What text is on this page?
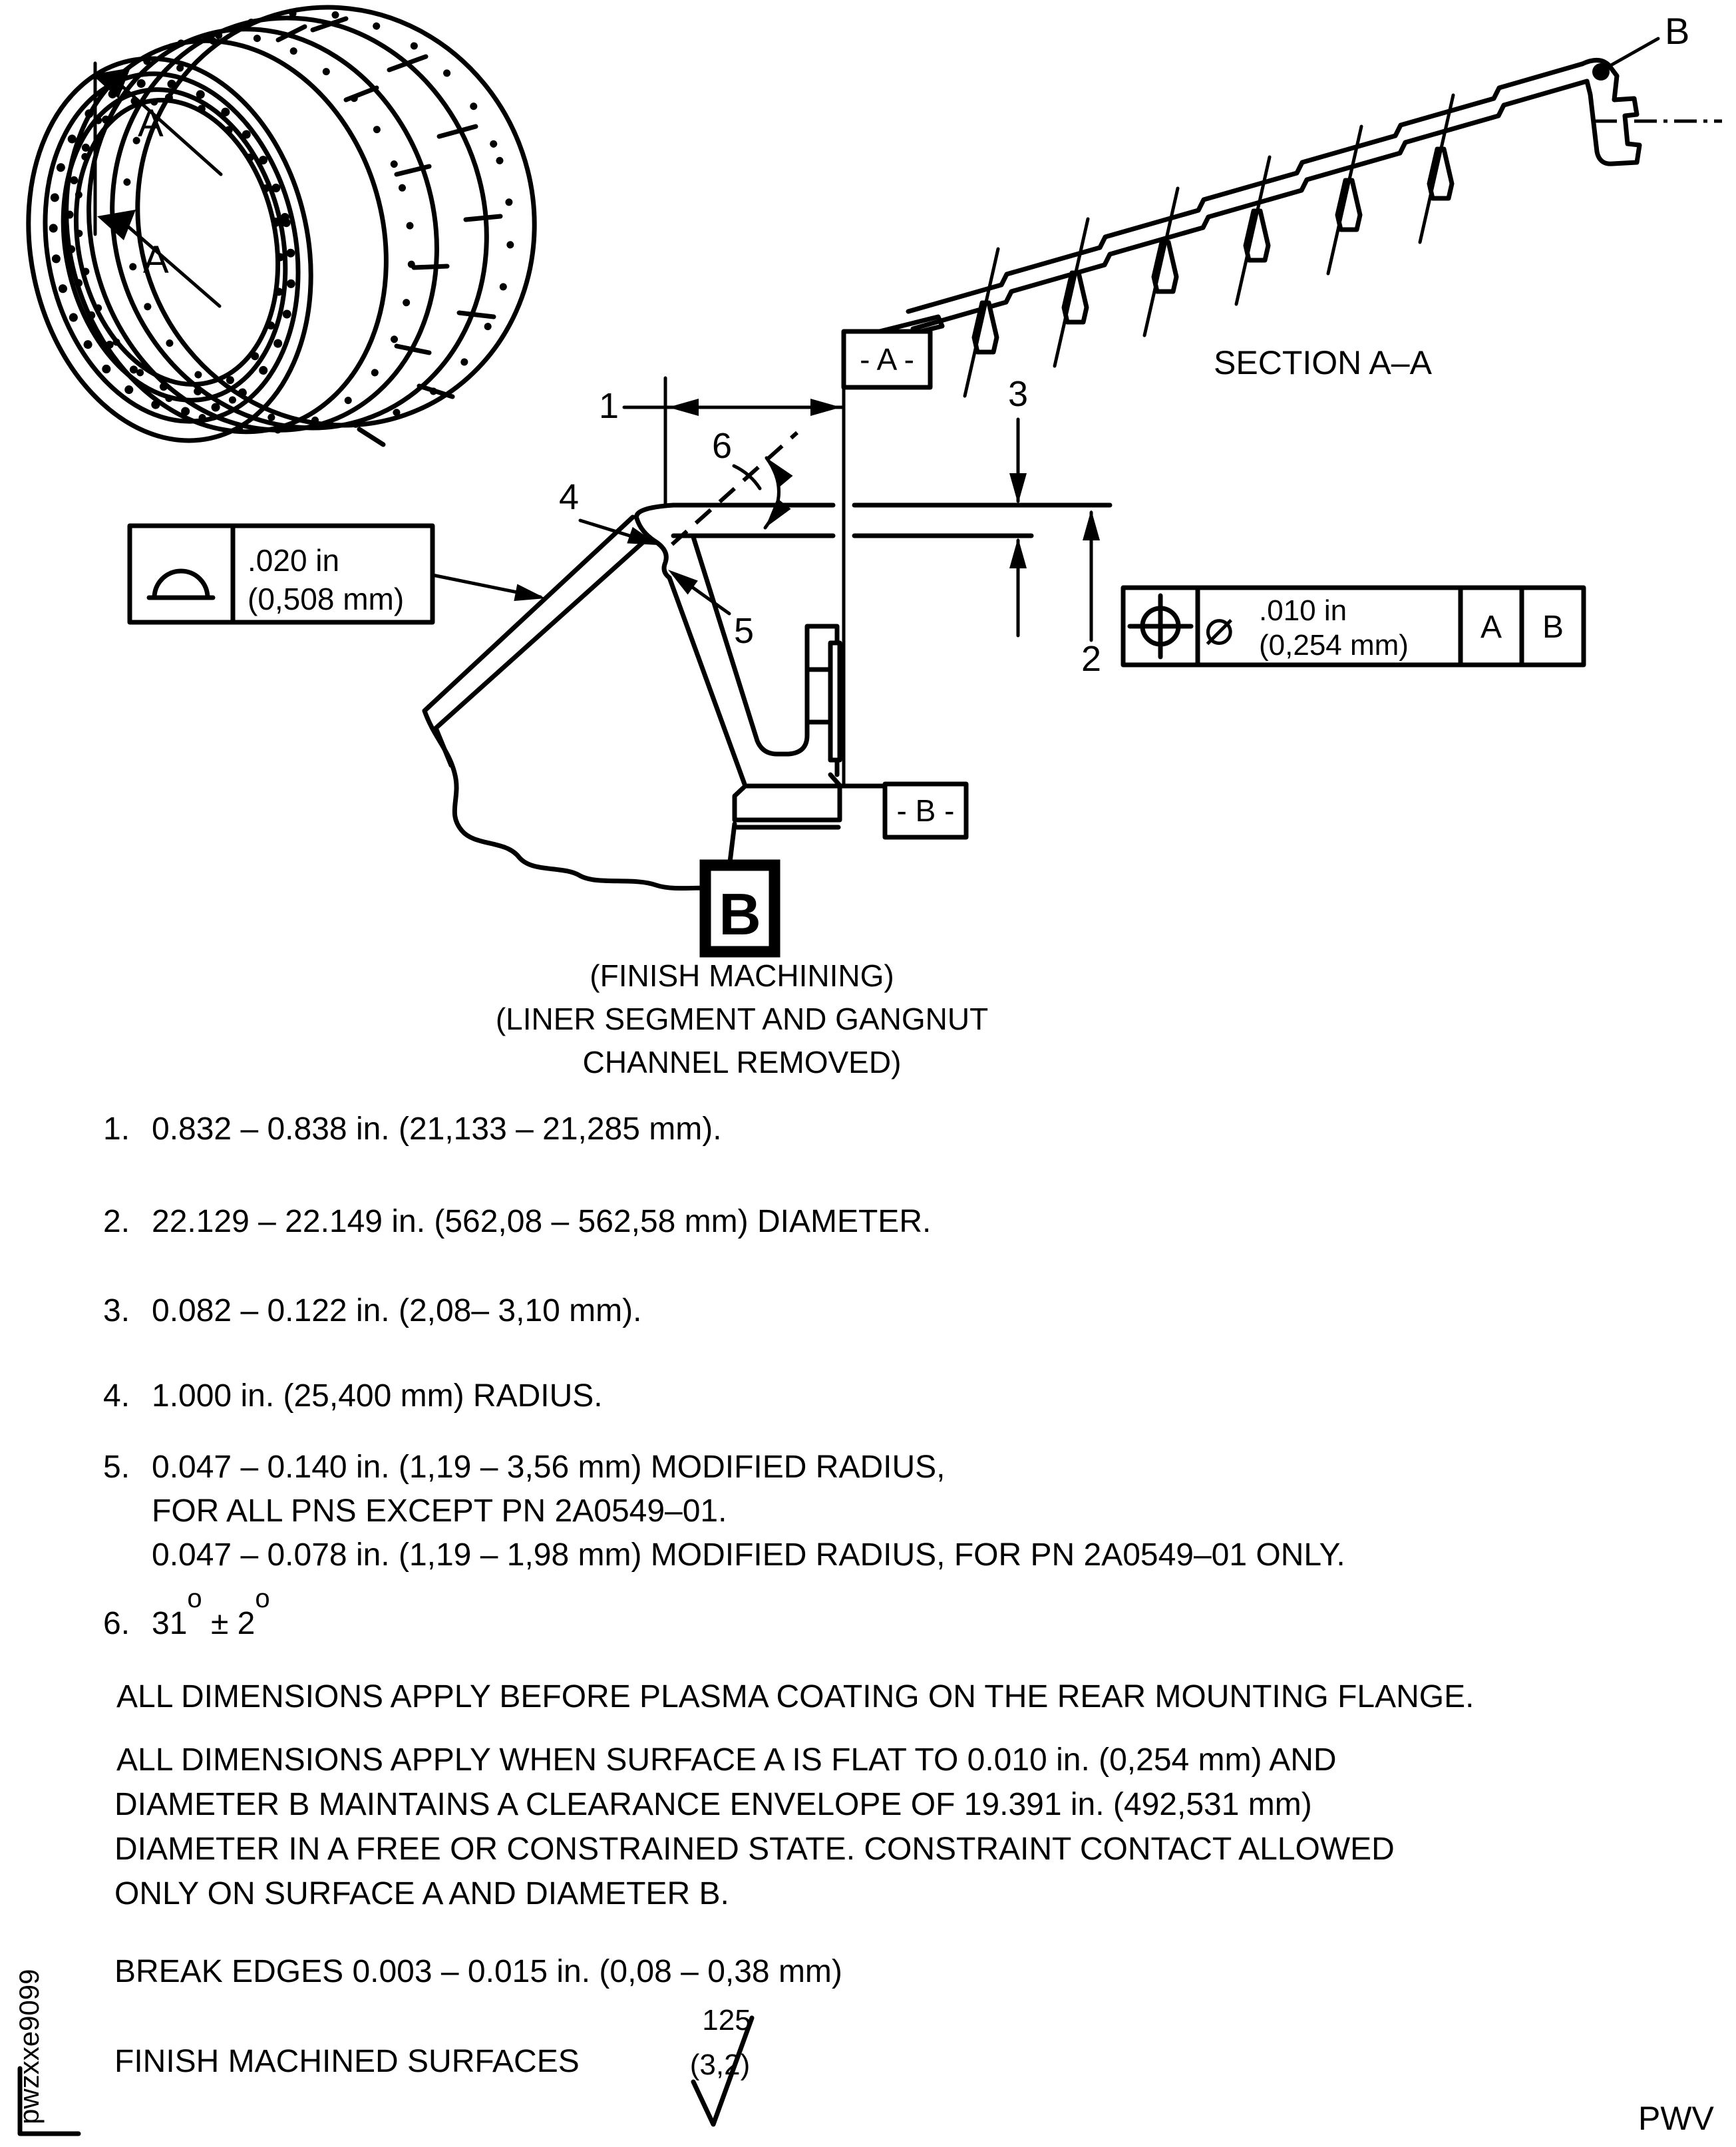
A
A
B
SECTION A–A
- A -
- B -
1	3
2
4
5
6
.020 in
(0,508 mm)
⌀ .010 in
(0,254 mm)
A B
B
(FINISH MACHINING)
(LINER SEGMENT AND GANGNUT
CHANNEL REMOVED)
1. 0.832 – 0.838 in. (21,133 – 21,285 mm).
2. 22.129 – 22.149 in. (562,08 – 562,58 mm) DIAMETER.
3. 0.082 – 0.122 in. (2,08– 3,10 mm).
4. 1.000 in. (25,400 mm) RADIUS.
5. 0.047 – 0.140 in. (1,19 – 3,56 mm) MODIFIED RADIUS,
FOR ALL PNS EXCEPT PN 2A0549–01.
0.047 – 0.078 in. (1,19 – 1,98 mm) MODIFIED RADIUS, FOR PN 2A0549–01 ONLY.
6. $31^o \pm 2^o$
ALL DIMENSIONS APPLY BEFORE PLASMA COATING ON THE REAR MOUNTING FLANGE.
ALL DIMENSIONS APPLY WHEN SURFACE A IS FLAT TO 0.010 in. (0,254 mm) AND
DIAMETER B MAINTAINS A CLEARANCE ENVELOPE OF 19.391 in. (492,531 mm)
DIAMETER IN A FREE OR CONSTRAINED STATE. CONSTRAINT CONTACT ALLOWED
ONLY ON SURFACE A AND DIAMETER B.
BREAK EDGES 0.003 – 0.015 in. (0,08 – 0,38 mm)
FINISH MACHINED SURFACES
125
(3,2)
pwzxxe9099	PWV
